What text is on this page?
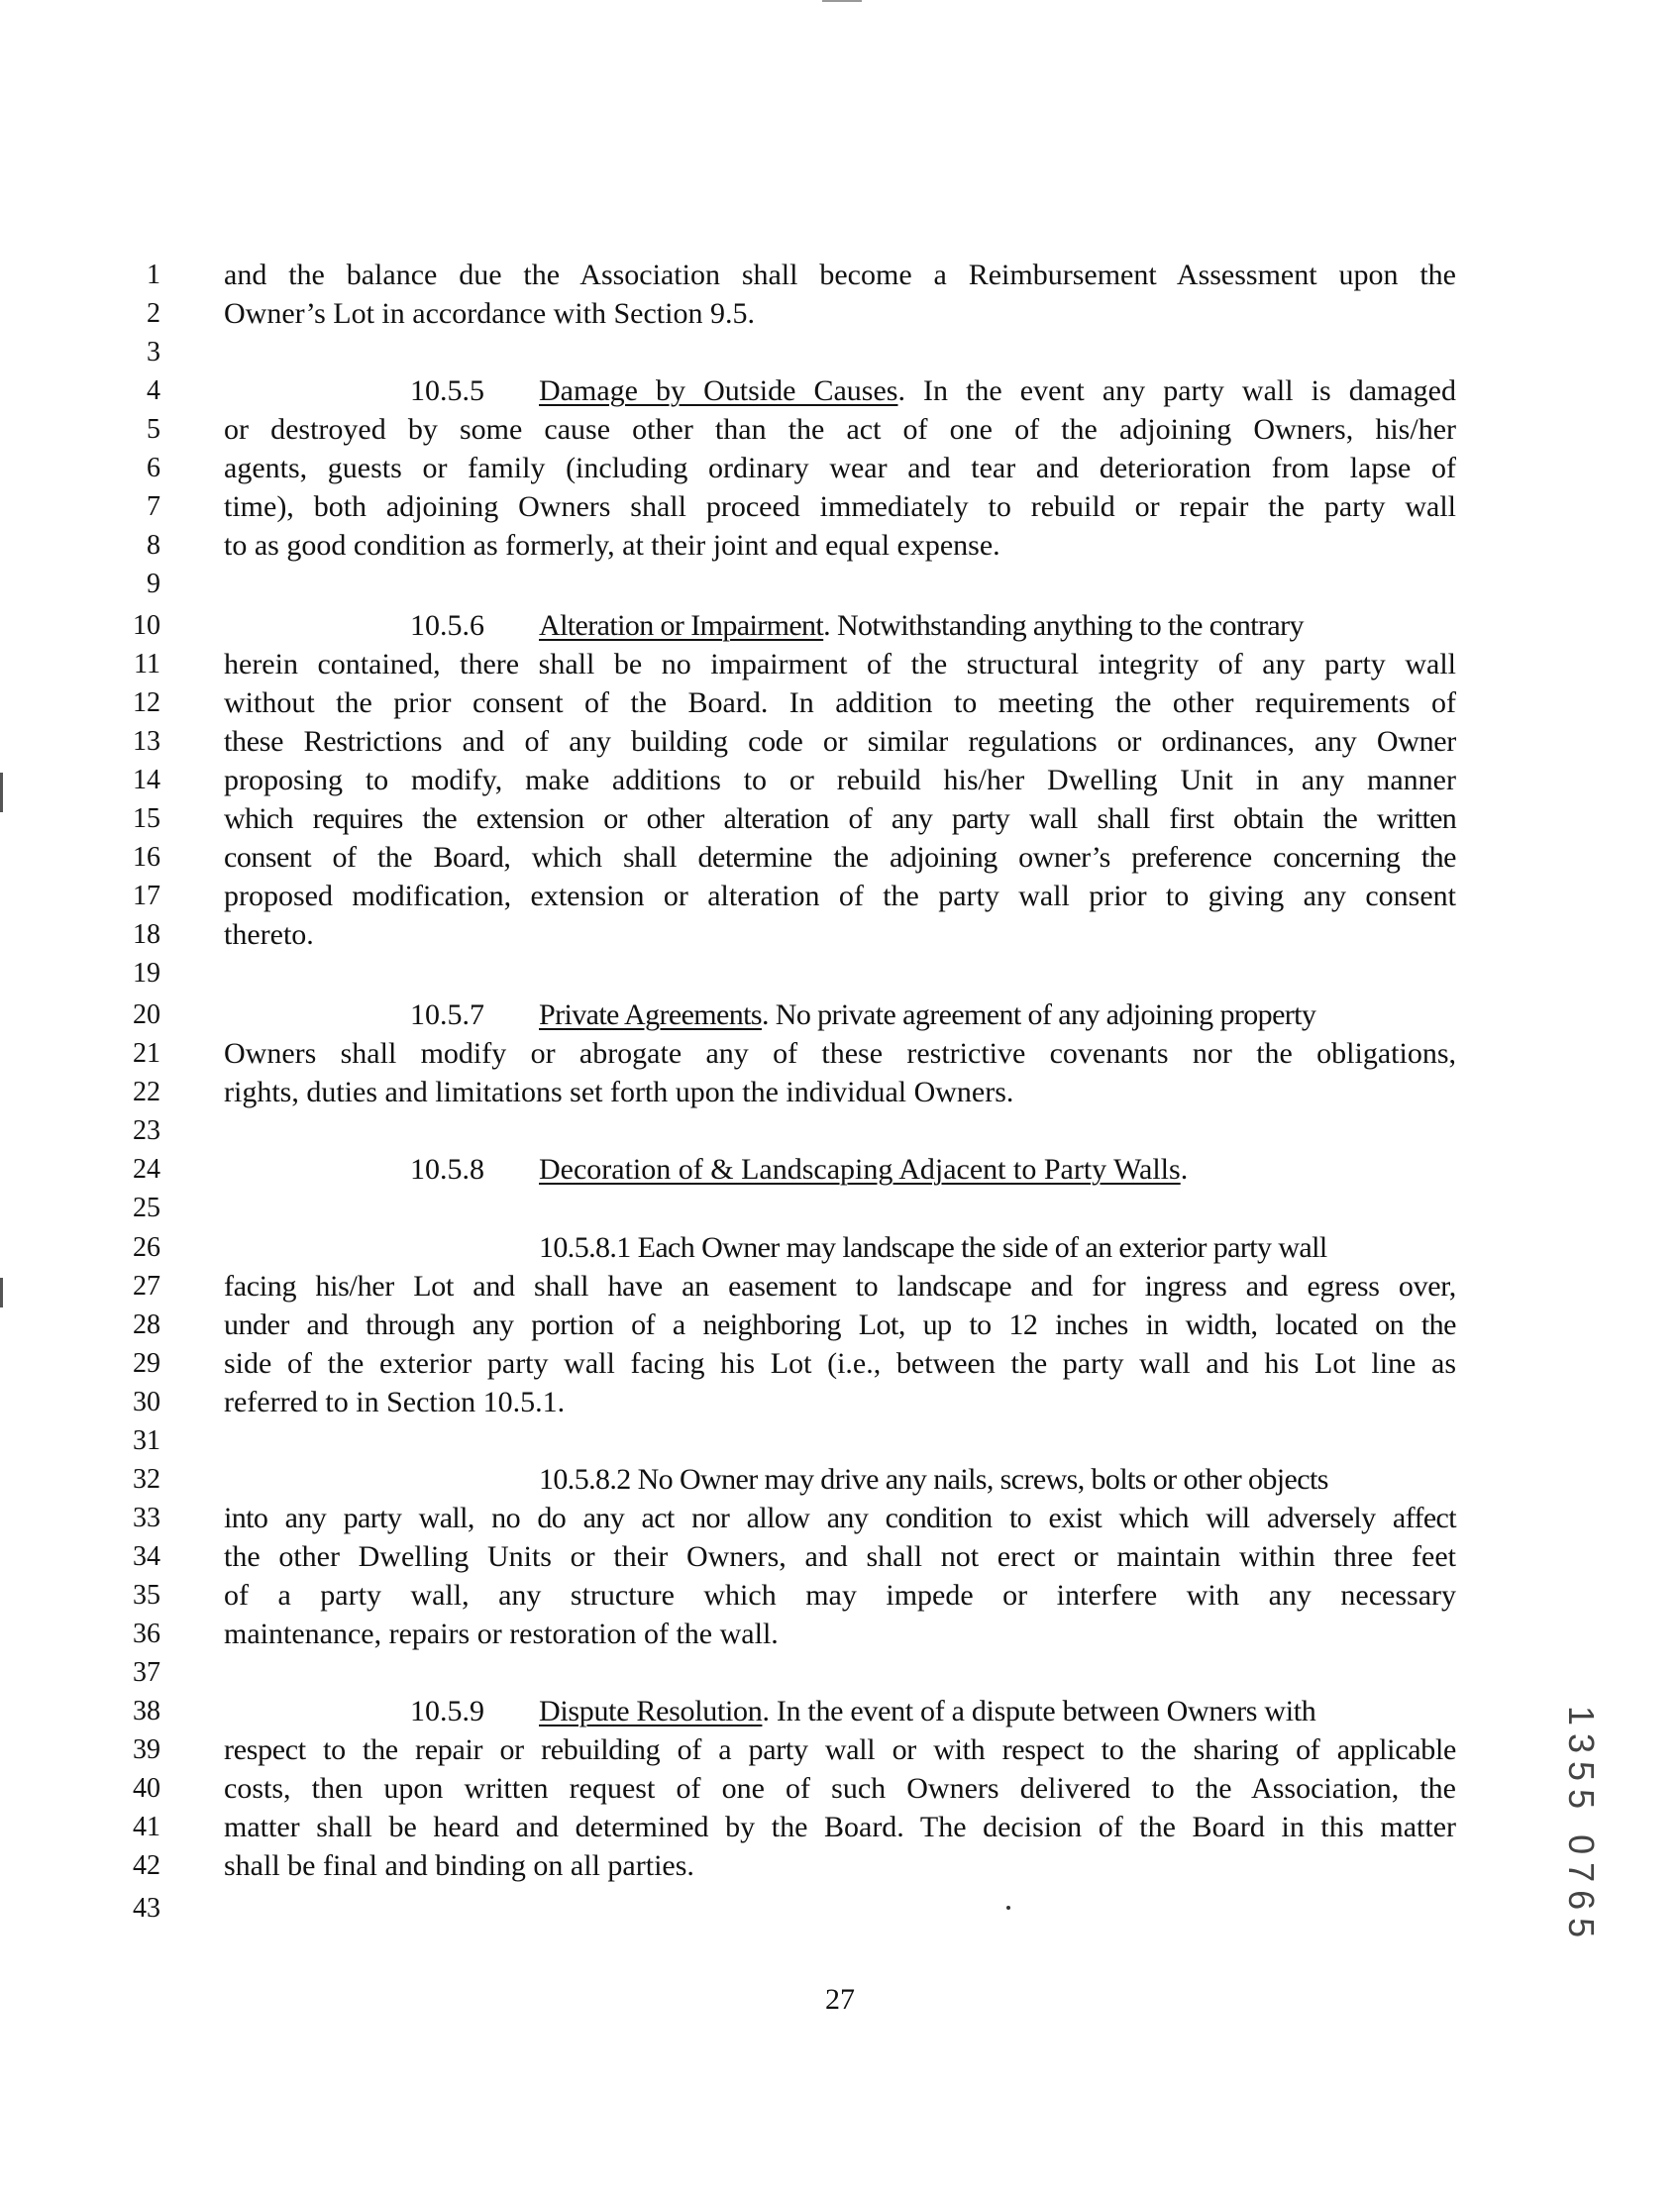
1
2
3
4
5
6
7
8
9
10
11
12
13
14
15
16
17
18
19
20
21
22
23
24
25
26
27
28
29
30
31
32
33
34
35
36
37
38
39
40
41
42
43
and the balance due the Association shall become a Reimbursement Assessment upon the
Owner’s Lot in accordance with Section 9.5.
10.5.5 Damage by Outside Causes. In the event any party wall is damaged
or destroyed by some cause other than the act of one of the adjoining Owners, his/her
agents, guests or family (including ordinary wear and tear and deterioration from lapse of
time), both adjoining Owners shall proceed immediately to rebuild or repair the party wall
to as good condition as formerly, at their joint and equal expense.
10.5.6 Alteration or Impairment. Notwithstanding anything to the contrary
herein contained, there shall be no impairment of the structural integrity of any party wall
without the prior consent of the Board. In addition to meeting the other requirements of
these Restrictions and of any building code or similar regulations or ordinances, any Owner
proposing to modify, make additions to or rebuild his/her Dwelling Unit in any manner
which requires the extension or other alteration of any party wall shall first obtain the written
consent of the Board, which shall determine the adjoining owner’s preference concerning the
proposed modification, extension or alteration of the party wall prior to giving any consent
thereto.
10.5.7 Private Agreements. No private agreement of any adjoining property
Owners shall modify or abrogate any of these restrictive covenants nor the obligations,
rights, duties and limitations set forth upon the individual Owners.
10.5.8 Decoration of & Landscaping Adjacent to Party Walls.
10.5.8.1 Each Owner may landscape the side of an exterior party wall
facing his/her Lot and shall have an easement to landscape and for ingress and egress over,
under and through any portion of a neighboring Lot, up to 12 inches in width, located on the
side of the exterior party wall facing his Lot (i.e., between the party wall and his Lot line as
referred to in Section 10.5.1.
10.5.8.2 No Owner may drive any nails, screws, bolts or other objects
into any party wall, no do any act nor allow any condition to exist which will adversely affect
the other Dwelling Units or their Owners, and shall not erect or maintain within three feet
of a party wall, any structure which may impede or interfere with any necessary
maintenance, repairs or restoration of the wall.
10.5.9 Dispute Resolution. In the event of a dispute between Owners with
respect to the repair or rebuilding of a party wall or with respect to the sharing of applicable
costs, then upon written request of one of such Owners delivered to the Association, the
matter shall be heard and determined by the Board. The decision of the Board in this matter
shall be final and binding on all parties.
27
1355 0765
